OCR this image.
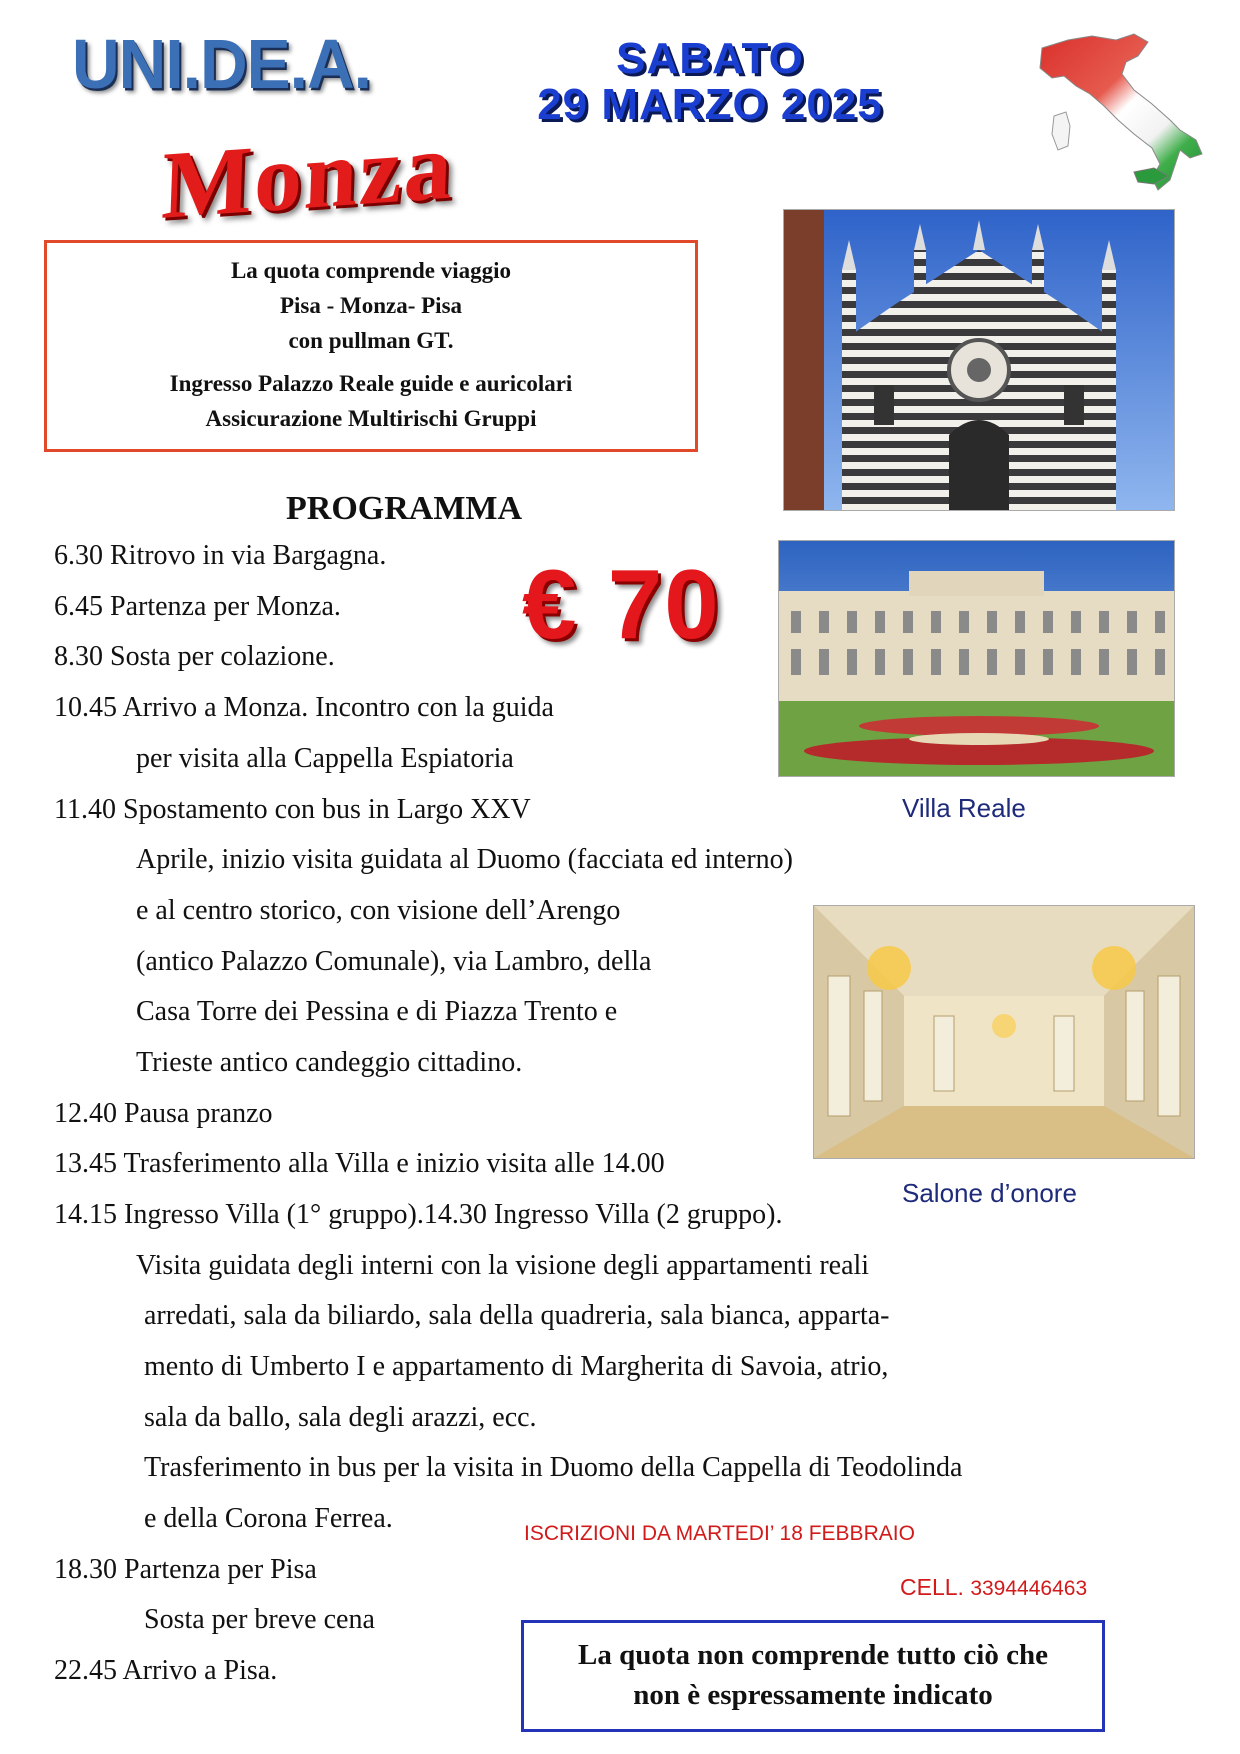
UNI.DE.A.	SABATO
29 MARZO 2025
Monza
La quota comprende viaggio
Pisa - Monza- Pisa
con pullman GT.
Ingresso Palazzo Reale guide e auricolari
Assicurazione Multirischi Gruppi
Villa Reale
Salone d’onore
€ 70
PROGRAMMA
6.30 Ritrovo in via Bargagna.
6.45 Partenza per Monza.
8.30 Sosta per colazione.
10.45 Arrivo a Monza. Incontro con la guida
per visita alla Cappella Espiatoria
11.40 Spostamento con bus in Largo XXV
Aprile, inizio visita guidata al Duomo (facciata ed interno)
e al centro storico, con visione dell’Arengo
(antico Palazzo Comunale), via Lambro, della
Casa Torre dei Pessina e di Piazza Trento e
Trieste antico candeggio cittadino.
12.40 Pausa pranzo
13.45 Trasferimento alla Villa e inizio visita alle 14.00
14.15 Ingresso Villa (1° gruppo).14.30 Ingresso Villa (2 gruppo).
Visita guidata degli interni con la visione degli appartamenti reali
arredati, sala da biliardo, sala della quadreria, sala bianca, apparta-
mento di Umberto I e appartamento di Margherita di Savoia, atrio,
sala da ballo, sala degli arazzi, ecc.
Trasferimento in bus per la visita in Duomo della Cappella di Teodolinda
e della Corona Ferrea.
18.30 Partenza per Pisa
Sosta per breve cena
22.45 Arrivo a Pisa.
ISCRIZIONI DA MARTEDI’ 18 FEBBRAIO
CELL. 3394446463
La quota non comprende tutto ciò che
non è espressamente indicato
